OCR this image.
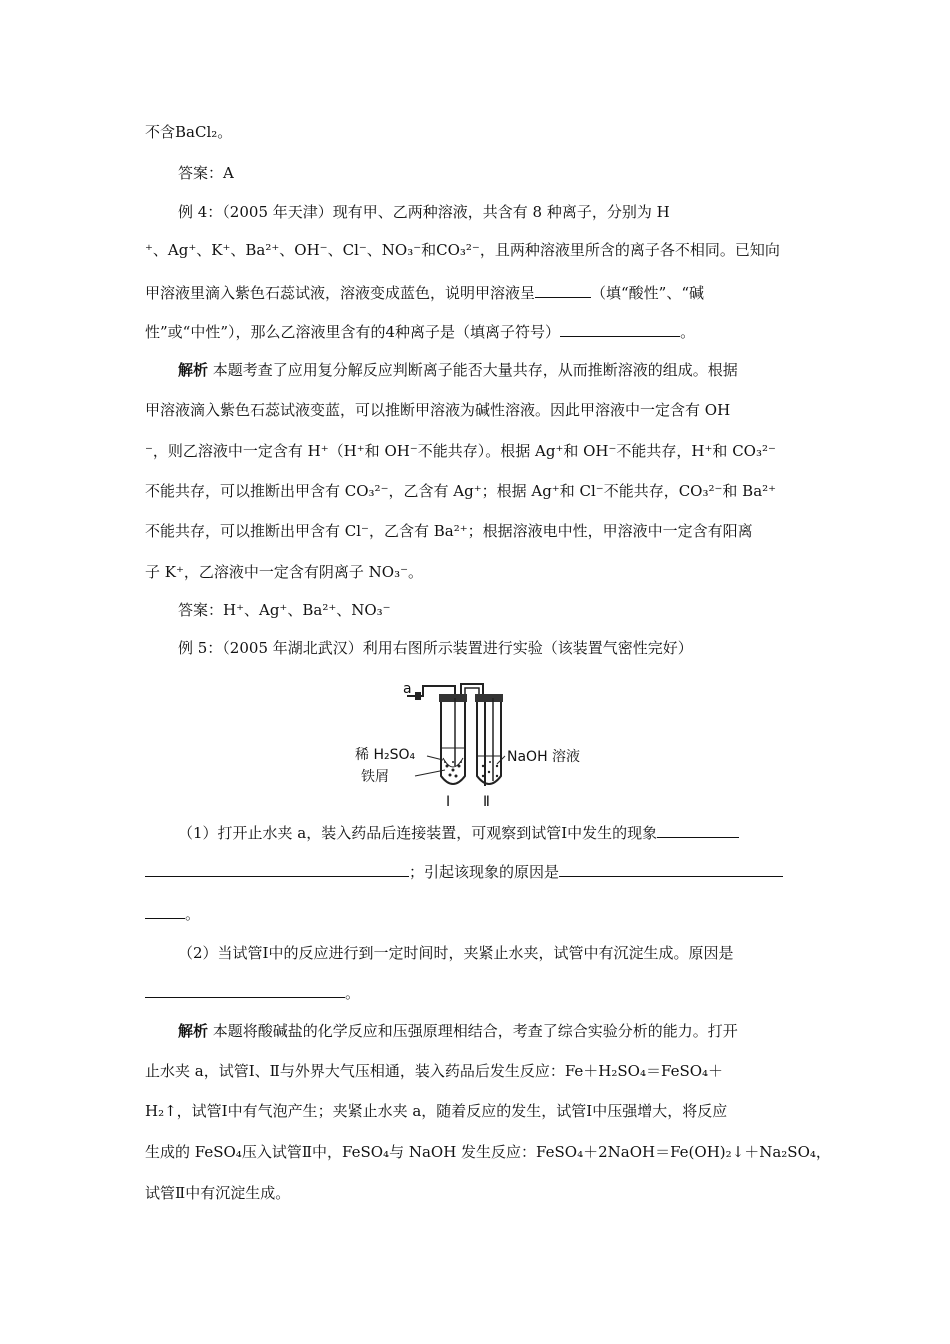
不含BaCl₂。
答案：A
例 4：（2005 年天津）现有甲、乙两种溶液，共含有 8 种离子，分别为 H
⁺、Ag⁺、K⁺、Ba²⁺、OH⁻、Cl⁻、NO₃⁻和CO₃²⁻，且两种溶液里所含的离子各不相同。已知向
甲溶液里滴入紫色石蕊试液，溶液变成蓝色，说明甲溶液呈	（填“酸性”、“碱
性”或“中性”），那么乙溶液里含有的4种离子是（填离子符号）	。
解析 本题考查了应用复分解反应判断离子能否大量共存，从而推断溶液的组成。根据
甲溶液滴入紫色石蕊试液变蓝，可以推断甲溶液为碱性溶液。因此甲溶液中一定含有 OH
⁻，则乙溶液中一定含有 H⁺（H⁺和 OH⁻不能共存）。根据 Ag⁺和 OH⁻不能共存，H⁺和 CO₃²⁻
不能共存，可以推断出甲含有 CO₃²⁻，乙含有 Ag⁺；根据 Ag⁺和 Cl⁻不能共存，CO₃²⁻和 Ba²⁺
不能共存，可以推断出甲含有 Cl⁻，乙含有 Ba²⁺；根据溶液电中性，甲溶液中一定含有阳离
子 K⁺，乙溶液中一定含有阴离子 NO₃⁻。
答案：H⁺、Ag⁺、Ba²⁺、NO₃⁻
例 5：（2005 年湖北武汉）利用右图所示装置进行实验（该装置气密性完好）
a
稀 H₂SO₄
铁屑
NaOH 溶液
Ⅰ Ⅱ
（1）打开止水夹 a，装入药品后连接装置，可观察到试管Ⅰ中发生的现象
；引起该现象的原因是
。
（2）当试管Ⅰ中的反应进行到一定时间时，夹紧止水夹，试管中有沉淀生成。原因是
。
解析 本题将酸碱盐的化学反应和压强原理相结合，考查了综合实验分析的能力。打开
止水夹 a，试管Ⅰ、Ⅱ与外界大气压相通，装入药品后发生反应：Fe＋H₂SO₄＝FeSO₄＋
H₂↑，试管Ⅰ中有气泡产生；夹紧止水夹 a，随着反应的发生，试管Ⅰ中压强增大，将反应
生成的 FeSO₄压入试管Ⅱ中，FeSO₄与 NaOH 发生反应：FeSO₄＋2NaOH＝Fe(OH)₂↓＋Na₂SO₄，
试管Ⅱ中有沉淀生成。
